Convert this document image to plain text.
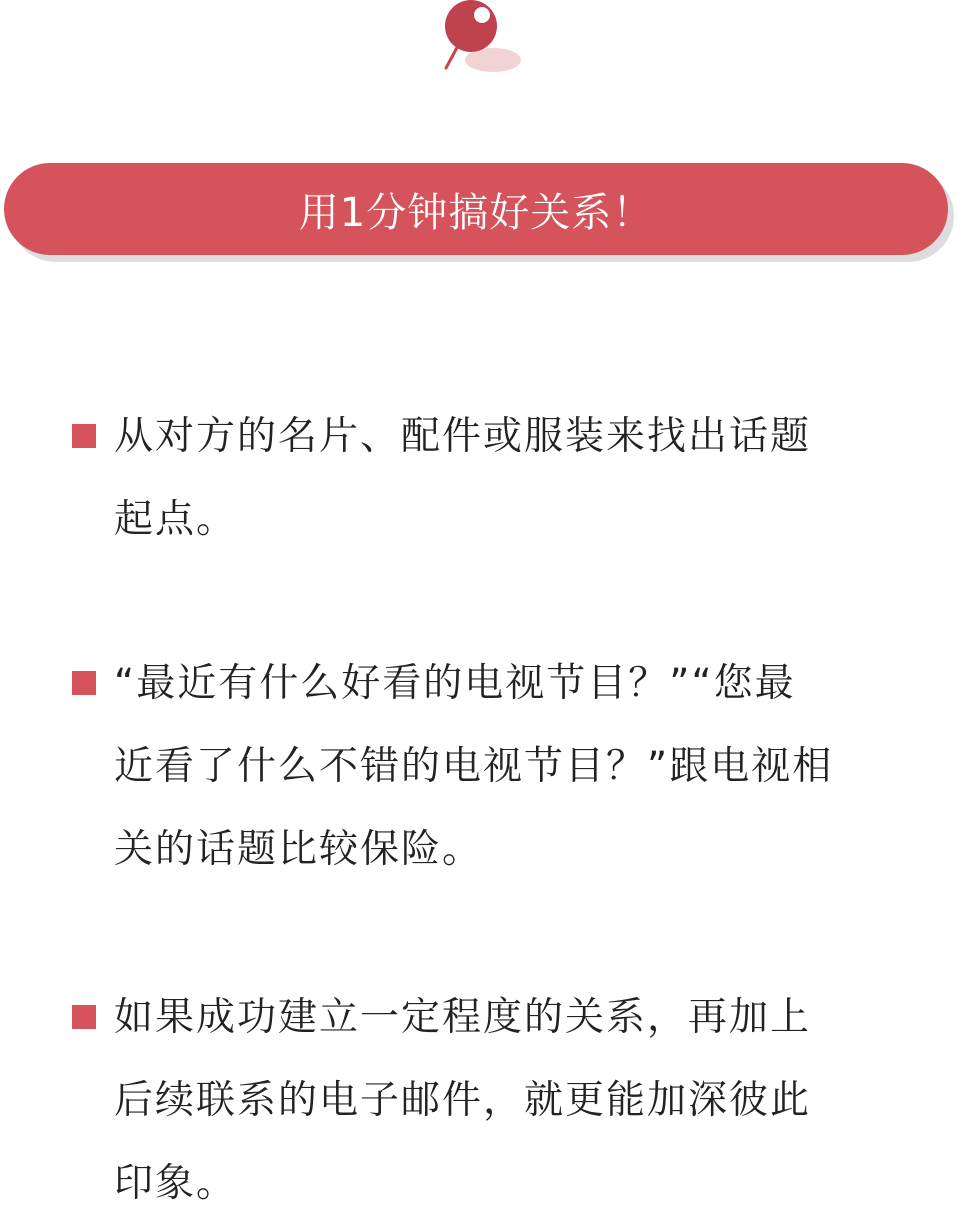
用1分钟搞好关系！
从对方的名片、配件或服装来找出话题起点。
“最近有什么好看的电视节目？”“您最近看了什么不错的电视节目？”跟电视相关的话题比较保险。
如果成功建立一定程度的关系，再加上后续联系的电子邮件，就更能加深彼此印象。
